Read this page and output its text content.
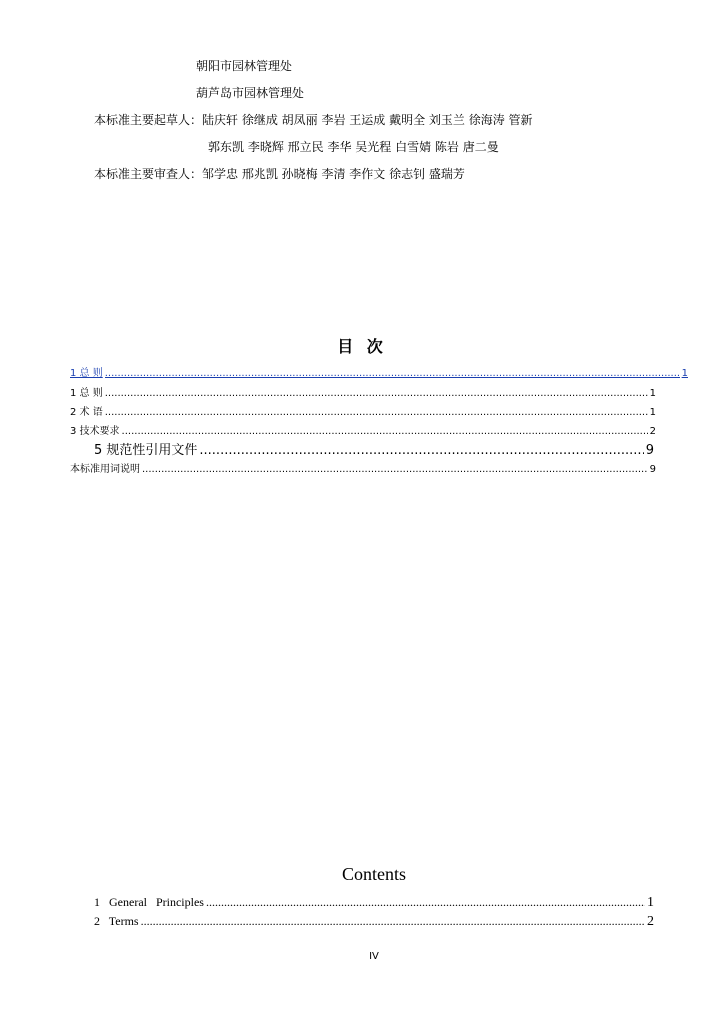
朝阳市园林管理处
葫芦岛市园林管理处
本标准主要起草人：陆庆轩 徐继成 胡凤丽 李岩 王运成 戴明全 刘玉兰 徐海涛 管新
郭东凯 李晓辉 邢立民 李华 吴光程 白雪婧 陈岩 唐二曼
本标准主要审查人：邹学忠 邢兆凯 孙晓梅 李清 李作文 徐志钊 盛瑞芳
目 次
1 总 则 .....	1
1 总 则 .....	1
2 术 语 .....	1
3 技术要求 .....	2
5 规范性引用文件 .....	9
本标准用词说明 .....	9
Contents
1 General Principles .....	1
2 Terms .....	2
IV
